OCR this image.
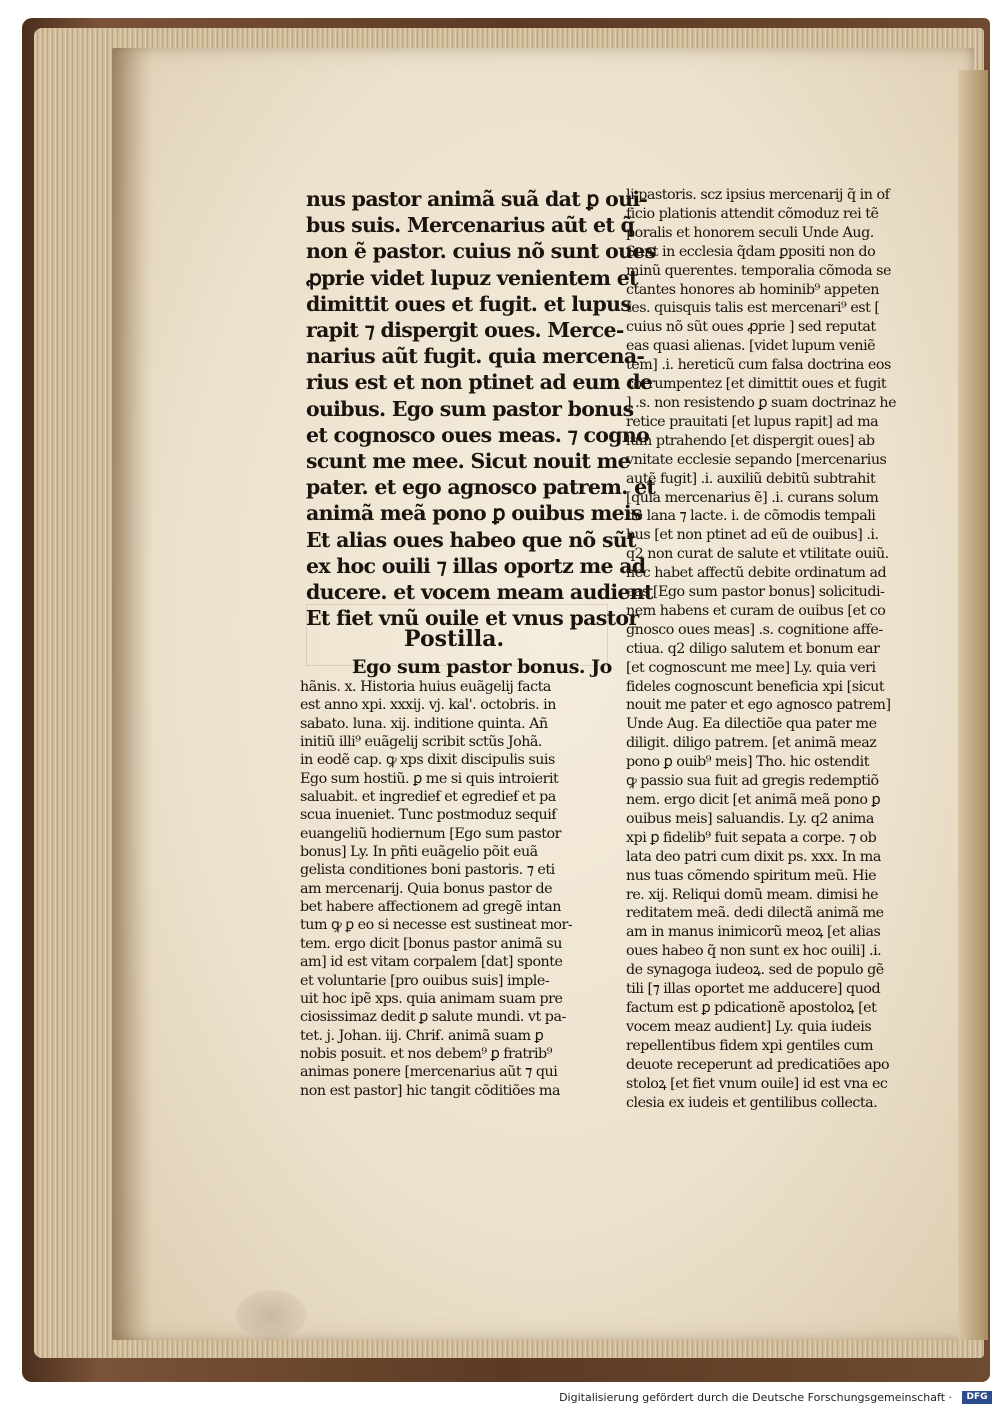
nus pastor animã suã dat ꝑ oui-
bus suis. Mercenarius aũt et q̃
non ẽ pastor. cuius nõ sunt oues
ꝓprie videt lupuz venientem et
dimittit oues et fugit. et lupus
rapit ⁊ dispergit oues. Merce-
narius aũt fugit. quia mercena-
rius est et non ptinet ad eum de
ouibus. Ego sum pastor bonus
et cognosco oues meas. ⁊ cogno
scunt me mee. Sicut nouit me
pater. et ego agnosco patrem. et
animã meã pono ꝑ ouibus meis
Et alias oues habeo que nõ sũt
ex hoc ouili ⁊ illas oportz me ad
ducere. et vocem meam audient
Et fiet vnũ ouile et vnus pastor
Postilla.
Ego sum pastor bonus. Jo
hãnis. x. Historia huius euãgelij facta
est anno xpi. xxxij. vj. kal'. octobris. in
sabato. luna. xij. inditione quinta. Añ
initiũ illi⁹ euãgelij scribit sctũs Johã.
in eodẽ cap. ꝙ xps dixit discipulis suis
Ego sum hostiũ. ꝑ me si quis introierit
saluabit. et ingredieẜ et egredieẜ et pa
scua inueniet. Tunc postmoduz sequiẜ
euangeliũ hodiernum [Ego sum pastor
bonus] Ly. In pñti euãgelio põit euã
gelista conditiones boni pastoris. ⁊ eti
am mercenarij. Quia bonus pastor de
bet habere affectionem ad gregẽ intan
tum ꝙ ꝑ eo si necesse est sustineat mor-
tem. ergo dicit [bonus pastor animã su
am] id est vitam corpalem [dat] sponte
et voluntarie [pro ouibus suis] imple-
uit hoc ipẽ xps. quia animam suam pre
ciosissimaz dedit ꝑ salute mundi. vt pa-
tet. j. Johan. iij. Chriẜ. animã suam ꝑ
nobis posuit. et nos debem⁹ ꝑ fratrib⁹
animas ponere [mercenarius aũt ⁊ qui
non est pastor] hic tangit cõditiões ma
li pastoris. scz ipsius mercenarij q̃ in of
ficio plationis attendit cõmoduz rei tẽ
poralis et honorem seculi Unde Aug.
Sunt in ecclesia q̃dam ꝑpositi non do
minũ querentes. temporalia cõmoda se
ctantes honores ab hominib⁹ appeten
tes. quisquis talis est mercenari⁹ est [
cuius nõ sũt oues ꝓprie ] sed reputat
eas quasi alienas. [videt lupum veniẽ
tem] .i. hereticũ cum falsa doctrina eos
corrumpentez [et dimittit oues et fugit
] .s. non resistendo ꝑ suam doctrinaz he
retice prauitati [et lupus rapit] ad ma
lum ptrahendo [et dispergit oues] ab
vnitate ecclesie sepando [mercenarius
autẽ fugit] .i. auxiliũ debitũ subtrahit
[quia mercenarius ẽ] .i. curans solum
de lana ⁊ lacte. i. de cõmodis tempali
bus [et non ptinet ad eũ de ouibus] .i.
q2 non curat de salute et vtilitate ouiũ.
nec habet affectũ debite ordinatum ad
eas [Ego sum pastor bonus] solicitudi-
nem habens et curam de ouibus [et co
gnosco oues meas] .s. cognitione affe-
ctiua. q2 diligo salutem et bonum ear
[et cognoscunt me mee] Ly. quia veri
fideles cognoscunt beneficia xpi [sicut
nouit me pater et ego agnosco patrem]
Unde Aug. Ea dilectiõe qua pater me
diligit. diligo patrem. [et animã meaz
pono ꝑ ouib⁹ meis] Tho. hic ostendit
ꝙ passio sua fuit ad gregis redemptiõ
nem. ergo dicit [et animã meã pono ꝑ
ouibus meis] saluandis. Ly. q2 anima
xpi ꝑ fidelib⁹ fuit sepata a corpe. ⁊ ob
lata deo patri cum dixit ps. xxx. In ma
nus tuas cõmendo spiritum meũ. Hie
re. xij. Reliqui domũ meam. dimisi he
reditatem meã. dedi dilectã animã me
am in manus inimicorũ meoꝝ [et alias
oues habeo q̃ non sunt ex hoc ouili] .i.
de synagoga iudeoꝝ. sed de populo gẽ
tili [⁊ illas oportet me adducere] quod
factum est ꝑ pdicationẽ apostoloꝝ [et
vocem meaz audient] Ly. quia iudeis
repellentibus fidem xpi gentiles cum
deuote receperunt ad predicatiões apo
stoloꝝ [et fiet vnum ouile] id est vna ec
clesia ex iudeis et gentilibus collecta.
Digitalisierung gefördert durch die Deutsche Forschungsgemeinschaft ·	DFG
